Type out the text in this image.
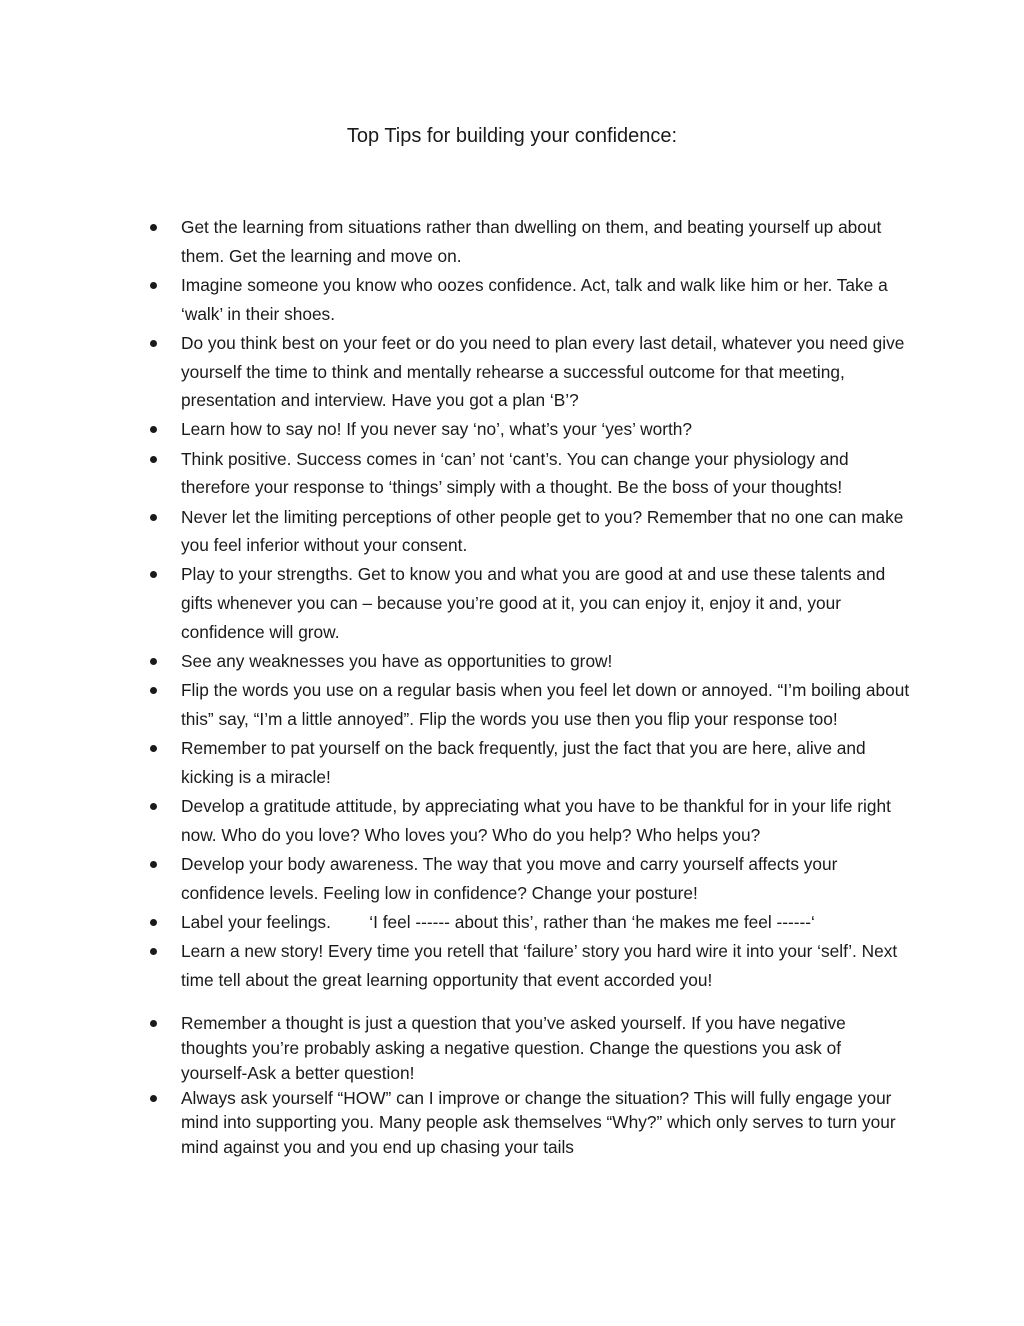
Top Tips for building your confidence:
Get the learning from situations rather than dwelling on them, and beating yourself up about them. Get the learning and move on.
Imagine someone you know who oozes confidence. Act, talk and walk like him or her. Take a ‘walk’ in their shoes.
Do you think best on your feet or do you need to plan every last detail, whatever you need give yourself the time to think and mentally rehearse a successful outcome for that meeting, presentation and interview. Have you got a plan ‘B’?
Learn how to say no! If you never say ‘no’, what’s your ‘yes’ worth?
Think positive. Success comes in ‘can’ not ‘cant’s. You can change your physiology and therefore your response to ‘things’ simply with a thought. Be the boss of your thoughts!
Never let the limiting perceptions of other people get to you? Remember that no one can make you feel inferior without your consent.
Play to your strengths. Get to know you and what you are good at and use these talents and gifts whenever you can – because you’re good at it, you can enjoy it, enjoy it and, your confidence will grow.
See any weaknesses you have as opportunities to grow!
Flip the words you use on a regular basis when you feel let down or annoyed. “I’m boiling about this” say, “I’m a little annoyed”. Flip the words you use then you flip your response too!
Remember to pat yourself on the back frequently, just the fact that you are here, alive and kicking is a miracle!
Develop a gratitude attitude, by appreciating what you have to be thankful for in your life right now. Who do you love? Who loves you? Who do you help? Who helps you?
Develop your body awareness. The way that you move and carry yourself affects your confidence levels. Feeling low in confidence? Change your posture!
Label your feelings.        ‘I feel ------ about this’, rather than ‘he makes me feel ------‘
Learn a new story! Every time you retell that ‘failure’ story you hard wire it into your ‘self’. Next time tell about the great learning opportunity that event accorded you!
Remember a thought is just a question that you’ve asked yourself. If you have negative thoughts you’re probably asking a negative question. Change the questions you ask of yourself-Ask a better question!
Always ask yourself “HOW” can I improve or change the situation? This will fully engage your mind into supporting you. Many people ask themselves “Why?” which only serves to turn your mind against you and you end up chasing your tails
